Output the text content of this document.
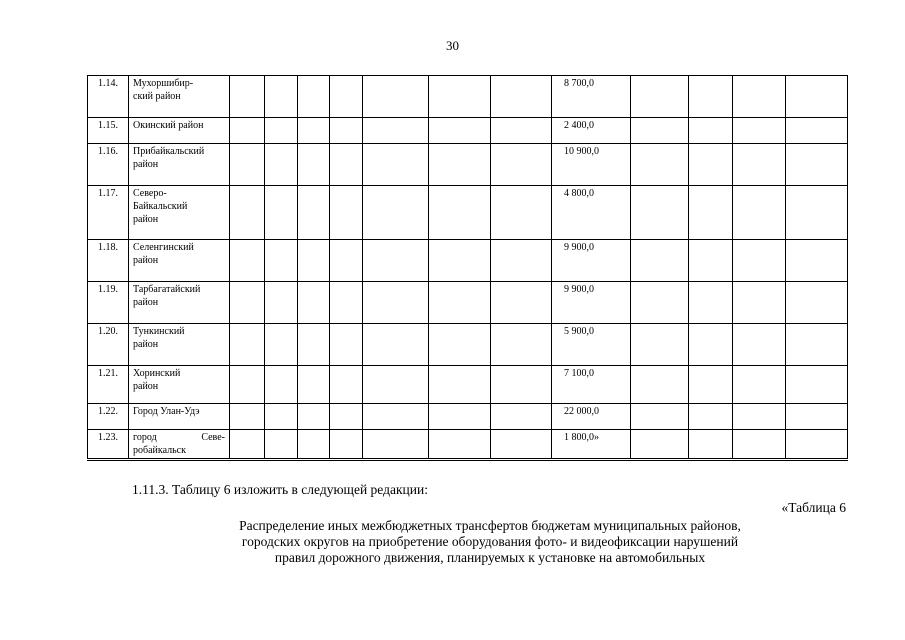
30
1.14.	Мухоршибир-
ский район								8 700,0				
1.15.	Окинский район								2 400,0				
1.16.	Прибайкальский
район								10 900,0				
1.17.	Северо-
Байкальский
район								4 800,0				
1.18.	Селенгинский
район								9 900,0				
1.19.	Тарбагатайский
район								9 900,0				
1.20.	Тункинский
район								5 900,0				
1.21.	Хоринский
район								7 100,0				
1.22.	Город Улан-Удэ								22 000,0				
1.23.	город Севе-
робайкальск								1 800,0»				
1.11.3. Таблицу 6 изложить в следующей редакции:
«Таблица 6
Распределение иных межбюджетных трансфертов бюджетам муниципальных районов,
городских округов на приобретение оборудования фото- и видеофиксации нарушений
правил дорожного движения, планируемых к установке на автомобильных
